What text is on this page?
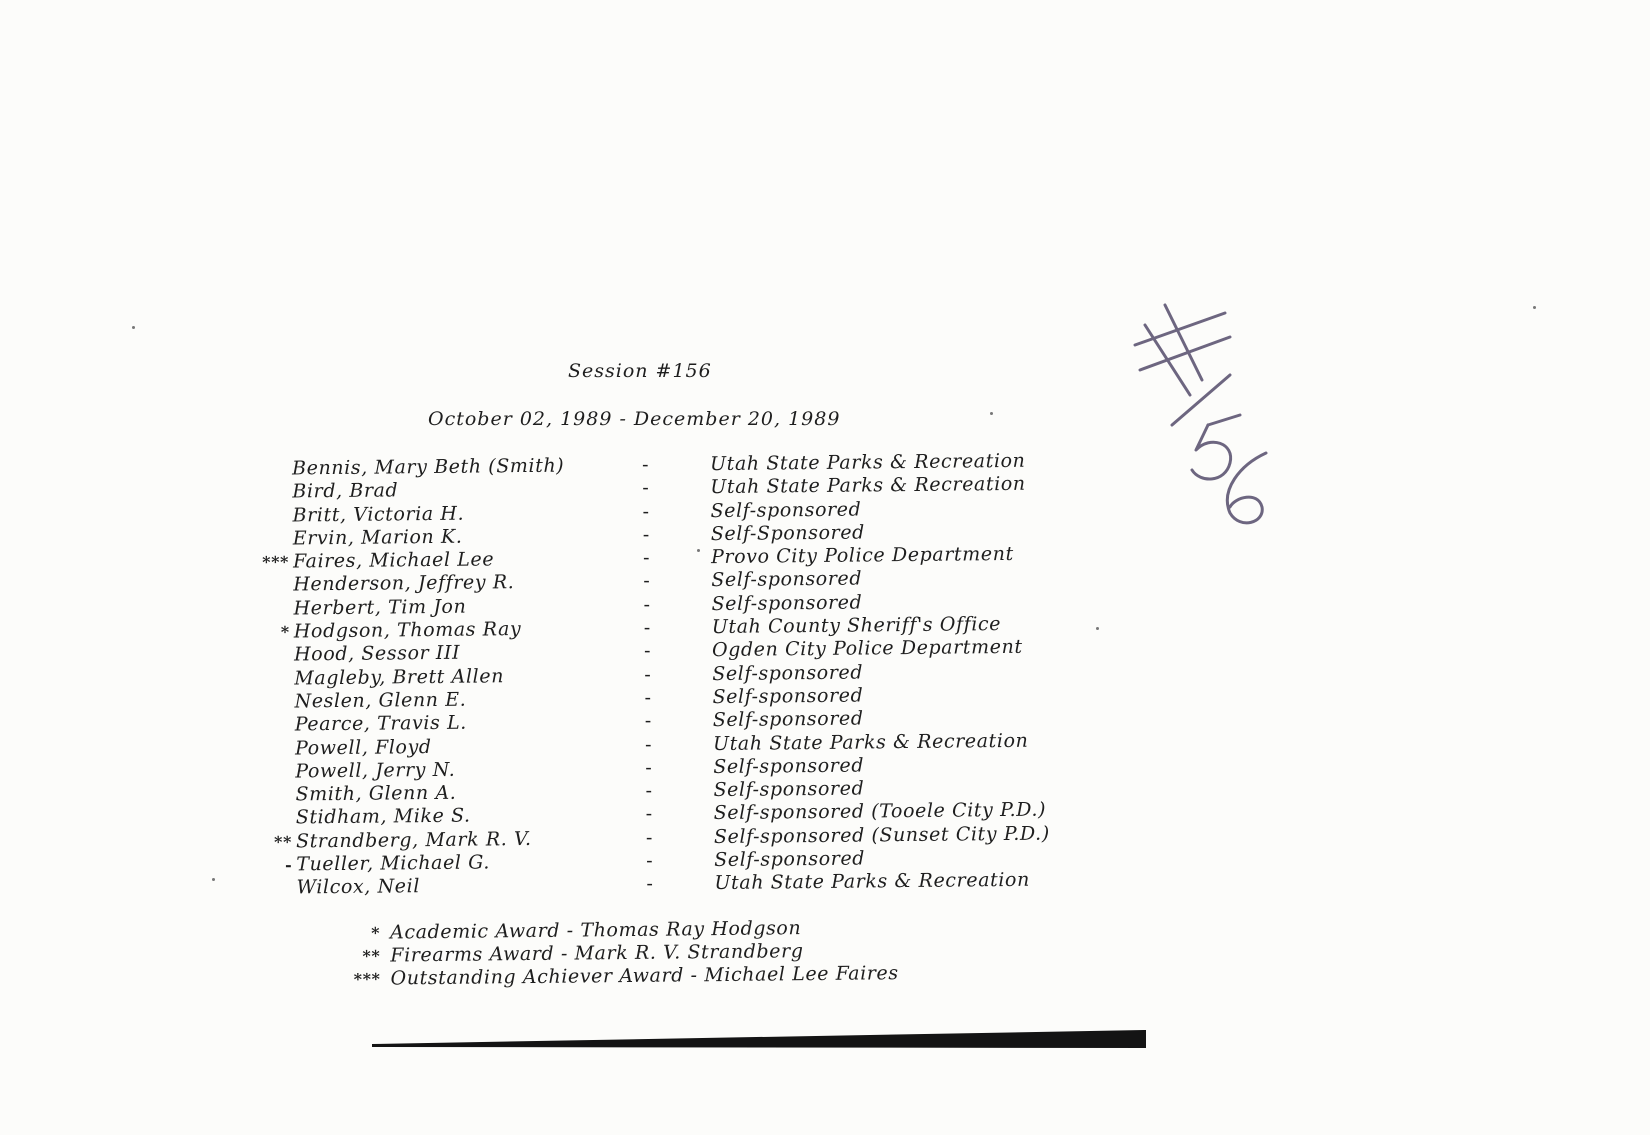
Session #156
October 02, 1989 - December 20, 1989
Bennis, Mary Beth (Smith)	-	Utah State Parks & Recreation
Bird, Brad	-	Utah State Parks & Recreation
Britt, Victoria H.	-	Self-sponsored
Ervin, Marion K.	-	Self-Sponsored
*** Faires, Michael Lee	-	Provo City Police Department
Henderson, Jeffrey R.	-	Self-sponsored
Herbert, Tim Jon	-	Self-sponsored
* Hodgson, Thomas Ray	-	Utah County Sheriff's Office
Hood, Sessor III	-	Ogden City Police Department
Magleby, Brett Allen	-	Self-sponsored
Neslen, Glenn E.	-	Self-sponsored
Pearce, Travis L.	-	Self-sponsored
Powell, Floyd	-	Utah State Parks & Recreation
Powell, Jerry N.	-	Self-sponsored
Smith, Glenn A.	-	Self-sponsored
Stidham, Mike S.	-	Self-sponsored (Tooele City P.D.)
** Strandberg, Mark R. V.	-	Self-sponsored (Sunset City P.D.)
- Tueller, Michael G.	-	Self-sponsored
Wilcox, Neil	-	Utah State Parks & Recreation
* Academic Award - Thomas Ray Hodgson
** Firearms Award - Mark R. V. Strandberg
*** Outstanding Achiever Award - Michael Lee Faires
#156
